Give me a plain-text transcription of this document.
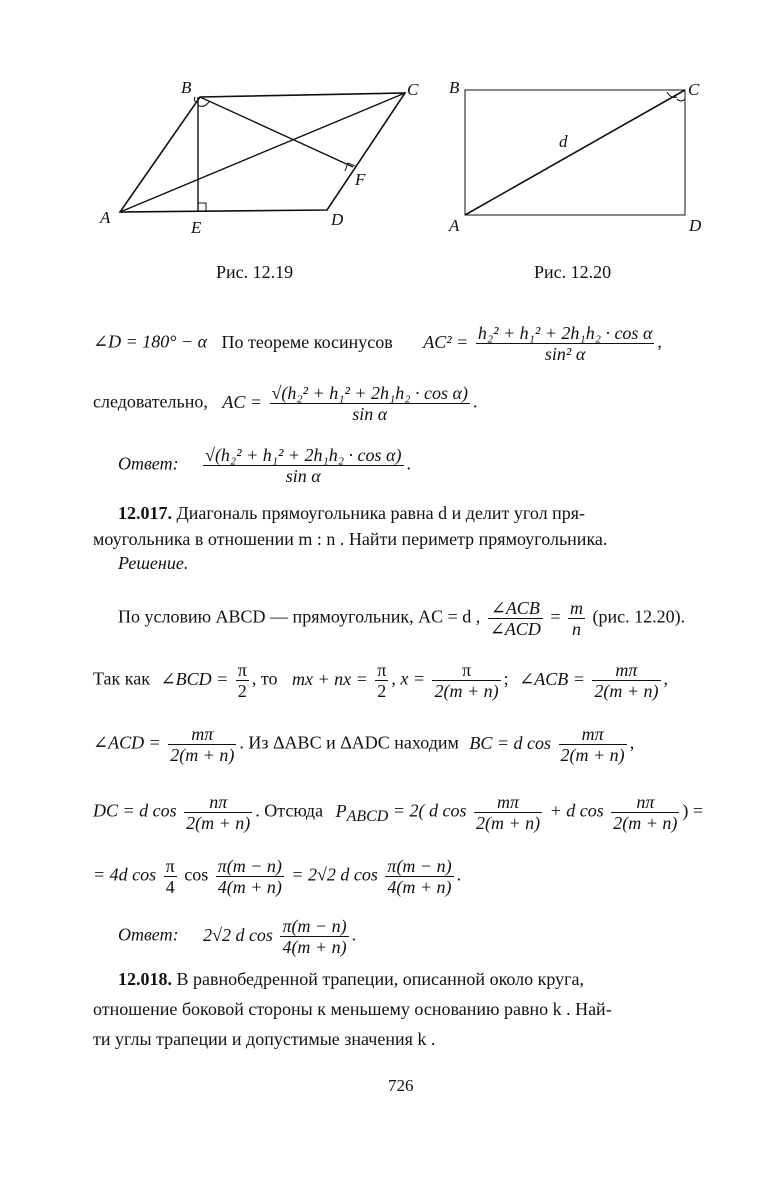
B	C
A
E	D
F
Рис. 12.19
B	C
A	D
d
Рис. 12.20
∠D = 180° − α По теореме косинусов $AC^2 = \frac{\text{h₂² + h₁² + 2h₁h₂ · cos α}}{\text{sin² α}}$ ,
следовательно, AC = $\frac{\text{√(h₂² + h₁² + 2h₁h₂ · cos α)}}{\text{sin α}}$ .
Ответ: $\frac{\text{√(h₂² + h₁² + 2h₁h₂ · cos α)}}{\text{sin α}}$ .
12.017. Диагональ прямоугольника равна d и делит угол пря-
моугольника в отношении m : n . Найти периметр прямоугольника.
Решение.
По условию ABCD — прямоугольник, AC = d , $\frac{\text{∠ACB}}{\text{∠ACD}} = \frac{m}{n} (рис$. 12.20).
Так как ∠BCD = $\frac{\pi}{2}$ , то mx + nx = $\frac{\pi}{2}$ , $x = \frac{\pi}{2(m + n)}$ ; ∠ACB = $\frac{m\pi}{2(m + n)}$ ,
∠ACD = $\frac{m\pi}{2(m + n)}$ . Из ΔABC и ΔADC находим BC = d $\cos \frac{m\pi}{2(m + n)}$ ,
DC = d $\cos \frac{n\pi}{2(m + n)}$ . Отсюда $P_{ABCD} = 2$( d $\cos \frac{m\pi}{2(m + n)} + d$ $\cos \frac{n\pi}{2(m + n)}$ ) =
= 4d $\cos \frac{\pi}{4}$ $\cos \frac{\pi(m - n)}{4(m + n)} = 2√2$ d $\cos \frac{\pi(m - n)}{4(m + n)}$ .
Ответ: 2√2 d $\cos \frac{\pi(m - n)}{4(m + n)}$ .
12.018. В равнобедренной трапеции, описанной около круга,
отношение боковой стороны к меньшему основанию равно k . Най-
ти углы трапеции и допустимые значения k .
726
